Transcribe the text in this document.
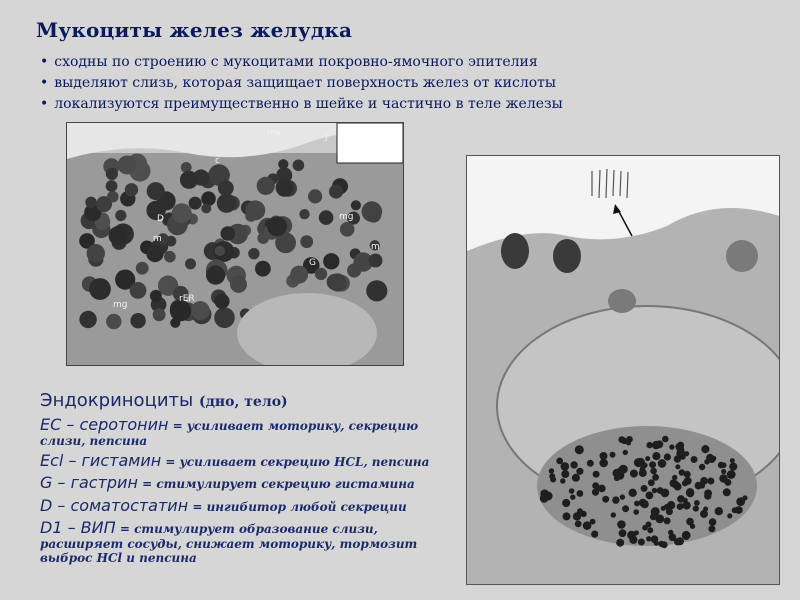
Мукоциты желез желудка
• сходны по строению с мукоцитами покровно-ямочного эпителия
• выделяют слизь, которая защищает поверхность желез от кислоты
• локализуются преимущественно в шейке и частично в теле железы
mv
c
J
D
m
mg
G
m
rER
mg
Эндокриноциты (дно, тело)
ЕС – серотонин = усиливает моторику, секрецию слизи, пепсина
Ecl – гистамин = усиливает секрецию HCL, пепсина
G – гастрин = стимулирует секрецию гистамина
D – соматостатин = ингибитор любой секреции
D1 – ВИП = стимулирует образование слизи, расширяет сосуды, снижает моторику, тормозит выброс HCl и пепсина
